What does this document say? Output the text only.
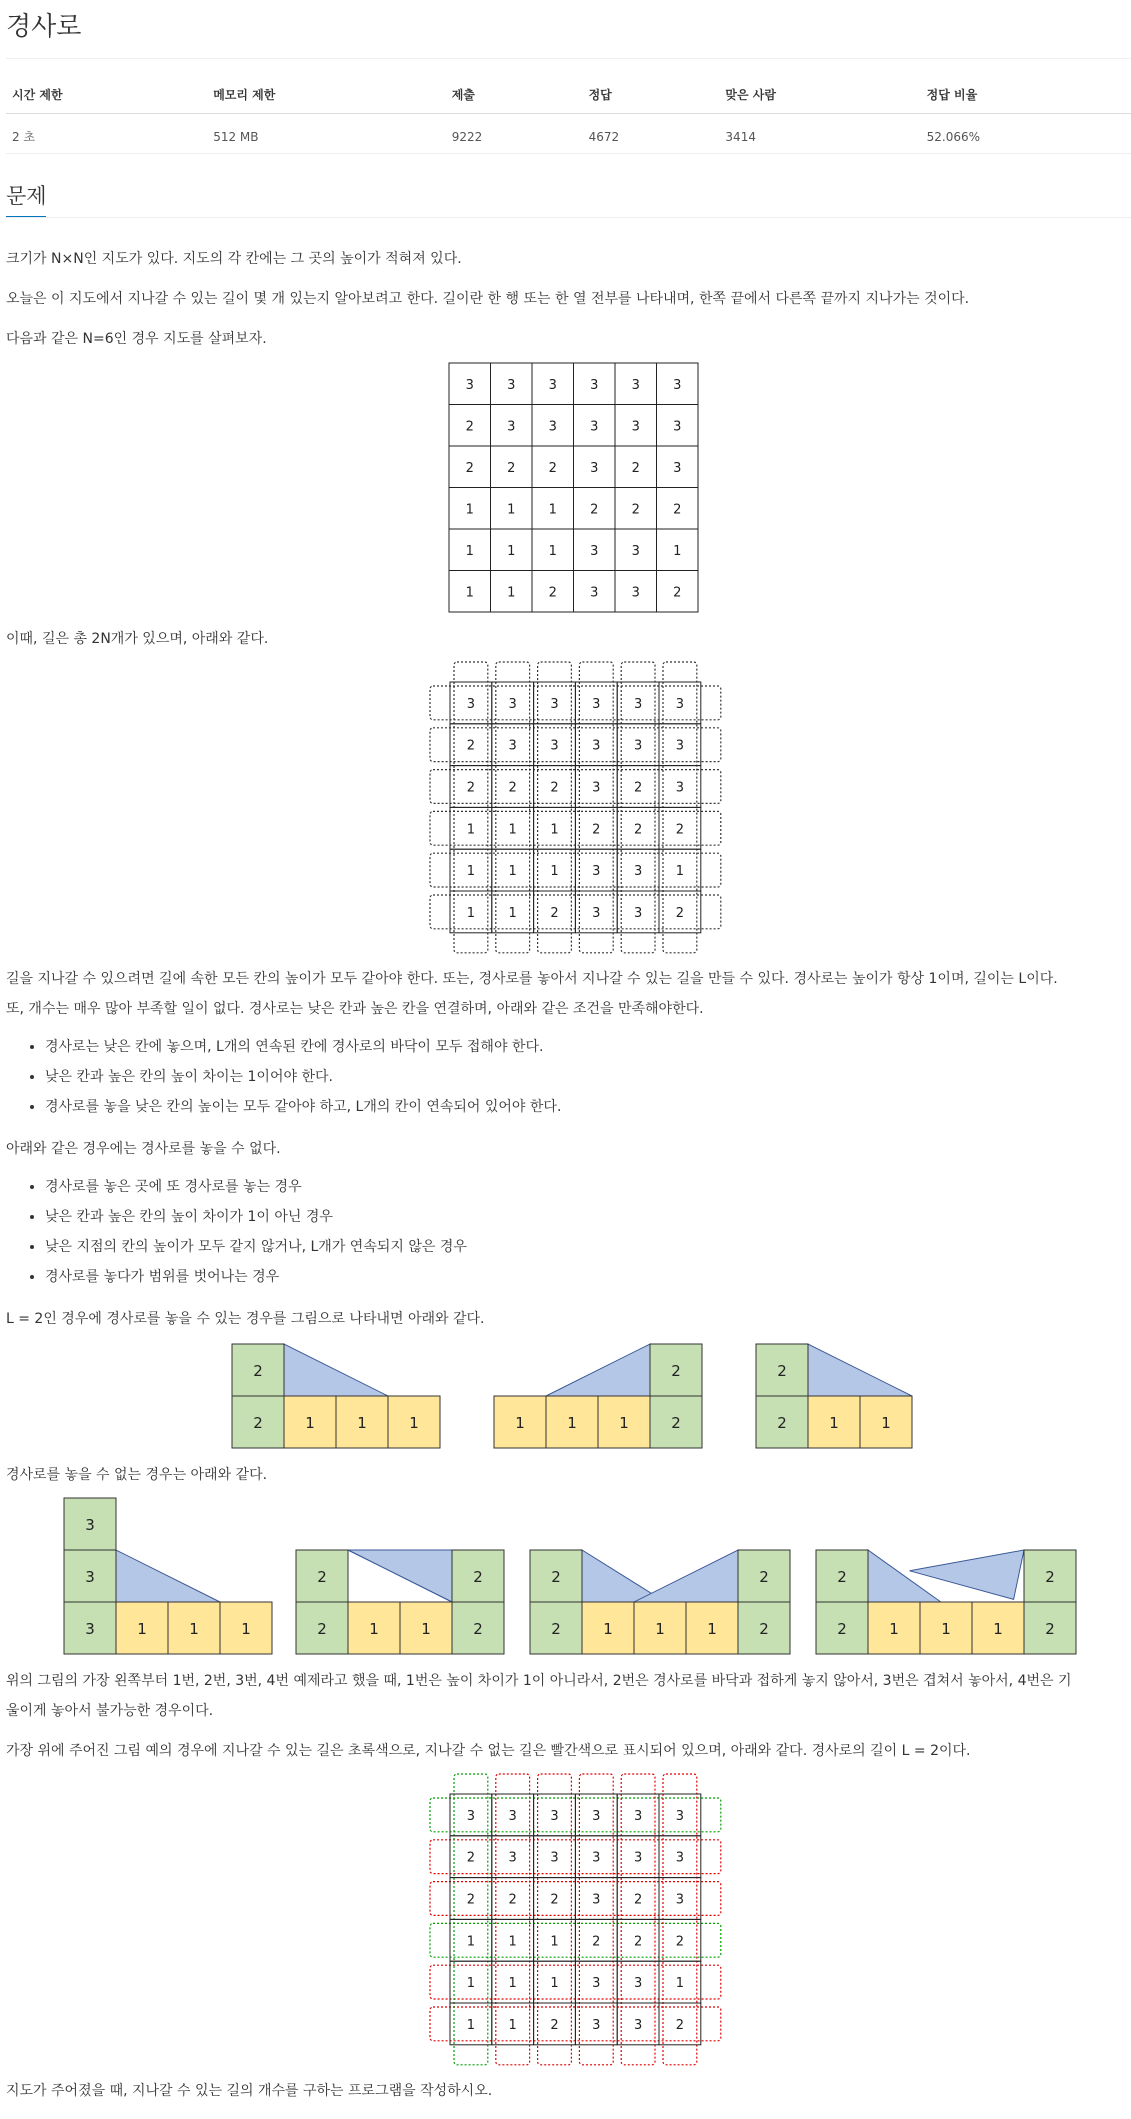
경사로
시간 제한	메모리 제한	제출	정답	맞은 사람	정답 비율
2 초	512 MB	9222	4672	3414	52.066%
문제
크기가 N×N인 지도가 있다. 지도의 각 칸에는 그 곳의 높이가 적혀져 있다.
오늘은 이 지도에서 지나갈 수 있는 길이 몇 개 있는지 알아보려고 한다. 길이란 한 행 또는 한 열 전부를 나타내며, 한쪽 끝에서 다른쪽 끝까지 지나가는 것이다.
다음과 같은 N=6인 경우 지도를 살펴보자.
3	3	3	3	3	3
2	3	3	3	3	3
2	2	2	3	2	3
1	1	1	2	2	2
1	1	1	3	3	1
1	1	2	3	3	2
이때, 길은 총 2N개가 있으며, 아래와 같다.
3	3	3	3	3	3
2	3	3	3	3	3
2	2	2	3	2	3
1	1	1	2	2	2
1	1	1	3	3	1
1	1	2	3	3	2
길을 지나갈 수 있으려면 길에 속한 모든 칸의 높이가 모두 같아야 한다. 또는, 경사로를 놓아서 지나갈 수 있는 길을 만들 수 있다. 경사로는 높이가 항상 1이며, 길이는 L이다.
또, 개수는 매우 많아 부족할 일이 없다. 경사로는 낮은 칸과 높은 칸을 연결하며, 아래와 같은 조건을 만족해야한다.
• 경사로는 낮은 칸에 놓으며, L개의 연속된 칸에 경사로의 바닥이 모두 접해야 한다.
• 낮은 칸과 높은 칸의 높이 차이는 1이어야 한다.
• 경사로를 놓을 낮은 칸의 높이는 모두 같아야 하고, L개의 칸이 연속되어 있어야 한다.
아래와 같은 경우에는 경사로를 놓을 수 없다.
• 경사로를 놓은 곳에 또 경사로를 놓는 경우
• 낮은 칸과 높은 칸의 높이 차이가 1이 아닌 경우
• 낮은 지점의 칸의 높이가 모두 같지 않거나, L개가 연속되지 않은 경우
• 경사로를 놓다가 범위를 벗어나는 경우
L = 2인 경우에 경사로를 놓을 수 있는 경우를 그림으로 나타내면 아래와 같다.
2
2	1	1	1	1	1	1
2
2
2
2	1	1
경사로를 놓을 수 없는 경우는 아래와 같다.
3
3
3	1	1	1
2
2	1	1
2
2
2
2	1	1	1
2
2
2
2	1	1	1
2
2
위의 그림의 가장 왼쪽부터 1번, 2번, 3번, 4번 예제라고 했을 때, 1번은 높이 차이가 1이 아니라서, 2번은 경사로를 바닥과 접하게 놓지 않아서, 3번은 겹쳐서 놓아서, 4번은 기
울이게 놓아서 불가능한 경우이다.
가장 위에 주어진 그림 예의 경우에 지나갈 수 있는 길은 초록색으로, 지나갈 수 없는 길은 빨간색으로 표시되어 있으며, 아래와 같다. 경사로의 길이 L = 2이다.
3	3	3	3	3	3
2	3	3	3	3	3
2	2	2	3	2	3
1	1	1	2	2	2
1	1	1	3	3	1
1	1	2	3	3	2
지도가 주어졌을 때, 지나갈 수 있는 길의 개수를 구하는 프로그램을 작성하시오.
